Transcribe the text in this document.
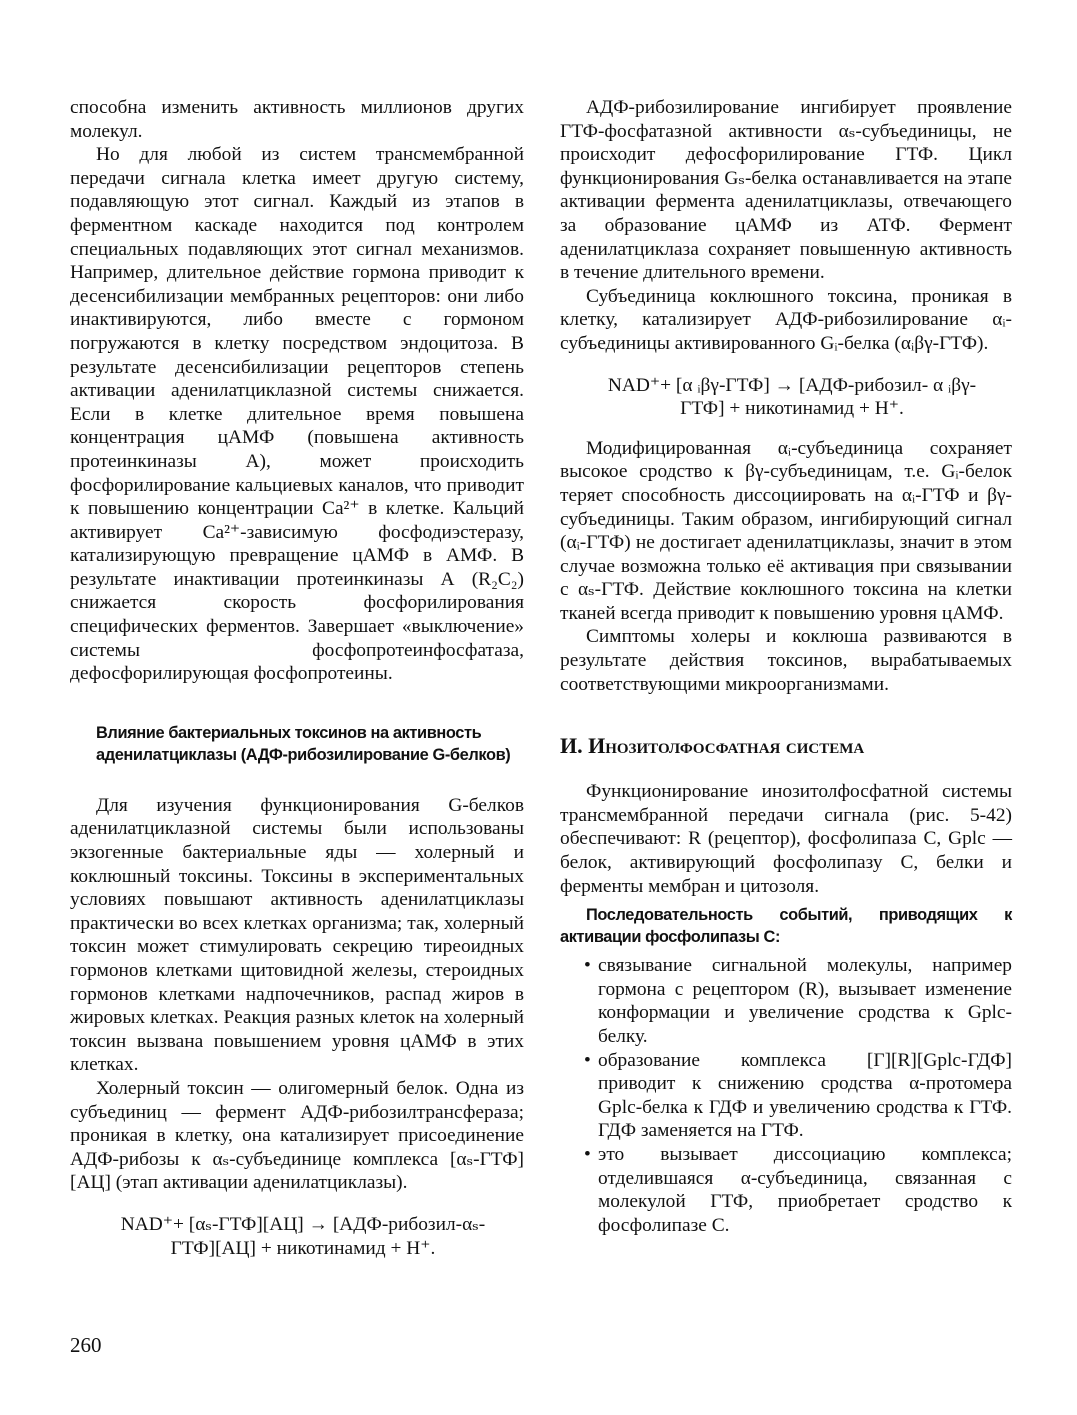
способна изменить активность миллионов других молекул.

Но для любой из систем трансмембранной передачи сигнала клетка имеет другую систему, подавляющую этот сигнал. Каждый из этапов в ферментном каскаде находится под контролем специальных подавляющих этот сигнал механизмов. Например, длительное действие гормона приводит к десенсибилизации мембранных рецепторов: они либо инактивируются, либо вместе с гормоном погружаются в клетку посредством эндоцитоза. В результате десенсибилизации рецепторов степень активации аденилатциклазной системы снижается. Если в клетке длительное время повышена концентрация цАМФ (повышена активность протеинкиназы А), может происходить фосфорилирование кальциевых каналов, что приводит к повышению концентрации Ca²⁺ в клетке. Кальций активирует Ca²⁺-зависимую фосфодиэстеразу, катализирующую превращение цАМФ в АМФ. В результате инактивации протеинкиназы А (R₂C₂) снижается скорость фосфорилирования специфических ферментов. Завершает «выключение» системы фосфопротеинфосфатаза, дефосфорилирующая фосфопротеины.

Влияние бактериальных токсинов на активность аденилатциклазы (АДФ-рибозилирование G-белков)

Для изучения функционирования G-белков аденилатциклазной системы были использованы экзогенные бактериальные яды — холерный и коклюшный токсины. Токсины в экспериментальных условиях повышают активность аденилатциклазы практически во всех клетках организма; так, холерный токсин может стимулировать секрецию тиреоидных гормонов клетками щитовидной железы, стероидных гормонов клетками надпочечников, распад жиров в жировых клетках. Реакция разных клеток на холерный токсин вызвана повышением уровня цАМФ в этих клетках.

Холерный токсин — олигомерный белок. Одна из субъединиц — фермент АДФ-рибозилтрансфераза; проникая в клетку, она катализирует присоединение АДФ-рибозы к αₛ-субъединице комплекса [αₛ-ГТФ][АЦ] (этап активации аденилатциклазы).

NAD⁺+ [αₛ-ГТФ][АЦ] → [АДФ-рибозил-αₛ-
ГТФ][АЦ] + никотинамид + H⁺.

АДФ-рибозилирование ингибирует проявление ГТФ-фосфатазной активности αₛ-субъединицы, не происходит дефосфорилирование ГТФ. Цикл функционирования Gₛ-белка останавливается на этапе активации фермента аденилатциклазы, отвечающего за образование цАМФ из АТФ. Фермент аденилатциклаза сохраняет повышенную активность в течение длительного времени.

Субъединица коклюшного токсина, проникая в клетку, катализирует АДФ-рибозилирование αᵢ-субъединицы активированного Gᵢ-белка (αᵢβγ-ГТФ).

NAD⁺+ [α ᵢβγ-ГТФ] → [АДФ-рибозил- α ᵢβγ-
ГТФ] + никотинамид + H⁺.

Модифицированная αᵢ-субъединица сохраняет высокое сродство к βγ-субъединицам, т.е. Gᵢ-белок теряет способность диссоциировать на αᵢ-ГТФ и βγ-субъединицы. Таким образом, ингибирующий сигнал (αᵢ-ГТФ) не достигает аденилатциклазы, значит в этом случае возможна только её активация при связывании с αₛ-ГТФ. Действие коклюшного токсина на клетки тканей всегда приводит к повышению уровня цАМФ.

Симптомы холеры и коклюша развиваются в результате действия токсинов, вырабатываемых соответствующими микроорганизмами.

И. Инозитолфосфатная система

Функционирование инозитолфосфатной системы трансмембранной передачи сигнала (рис. 5-42) обеспечивают: R (рецептор), фосфолипаза С, Gplc — белок, активирующий фосфолипазу С, белки и ферменты мембран и цитозоля.

Последовательность событий, приводящих к активации фосфолипазы С:
• связывание сигнальной молекулы, например гормона с рецептором (R), вызывает изменение конформации и увеличение сродства к Gplc-белку.
• образование комплекса [Г][R][Gplc-ГДФ] приводит к снижению сродства α-протомера Gplc-белка к ГДФ и увеличению сродства к ГТФ. ГДФ заменяется на ГТФ.
• это вызывает диссоциацию комплекса; отделившаяся α-субъединица, связанная с молекулой ГТФ, приобретает сродство к фосфолипазе С.
260
